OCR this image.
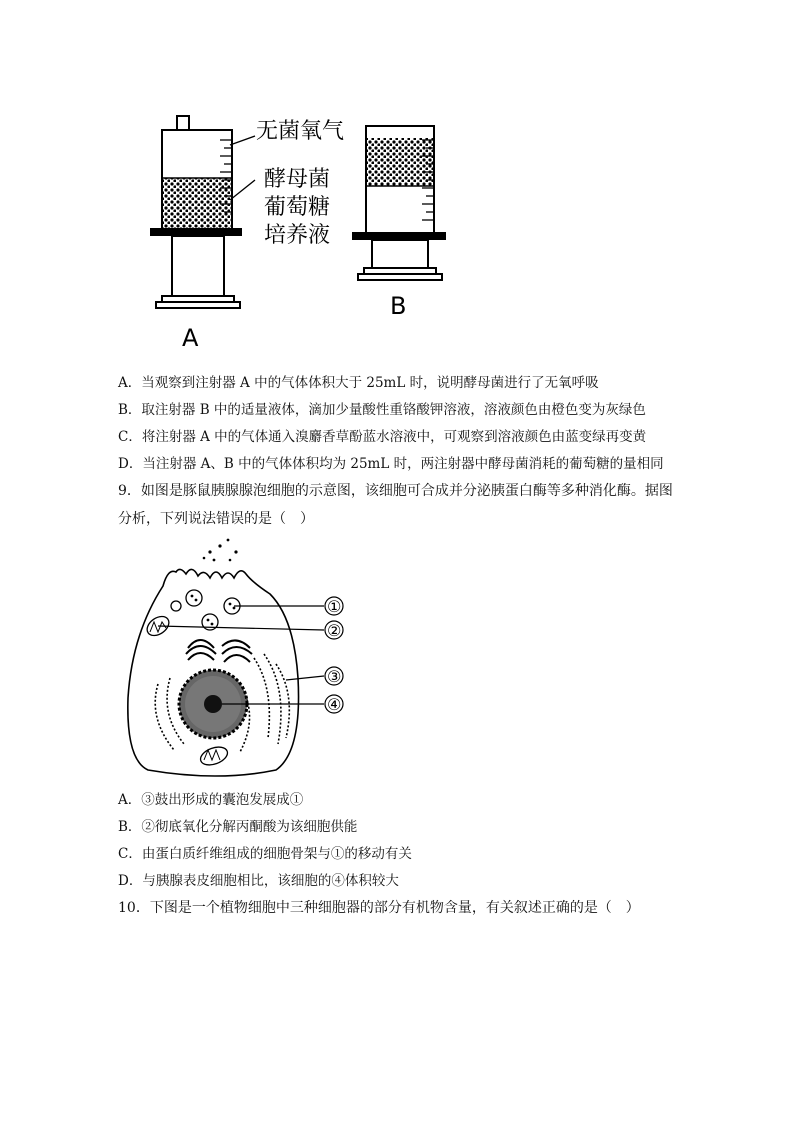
无菌氧气
酵母菌
葡萄糖
培养液
A
B
A．当观察到注射器 A 中的气体体积大于 25mL 时，说明酵母菌进行了无氧呼吸
B．取注射器 B 中的适量液体，滴加少量酸性重铬酸钾溶液，溶液颜色由橙色变为灰绿色
C．将注射器 A 中的气体通入溴麝香草酚蓝水溶液中，可观察到溶液颜色由蓝变绿再变黄
D．当注射器 A、B 中的气体体积均为 25mL 时，两注射器中酵母菌消耗的葡萄糖的量相同
9．如图是豚鼠胰腺腺泡细胞的示意图，该细胞可合成并分泌胰蛋白酶等多种消化酶。据图
分析，下列说法错误的是（　）
①
②
③
④
A．③鼓出形成的囊泡发展成①
B．②彻底氧化分解丙酮酸为该细胞供能
C．由蛋白质纤维组成的细胞骨架与①的移动有关
D．与胰腺表皮细胞相比，该细胞的④体积较大
10．下图是一个植物细胞中三种细胞器的部分有机物含量，有关叙述正确的是（　）
